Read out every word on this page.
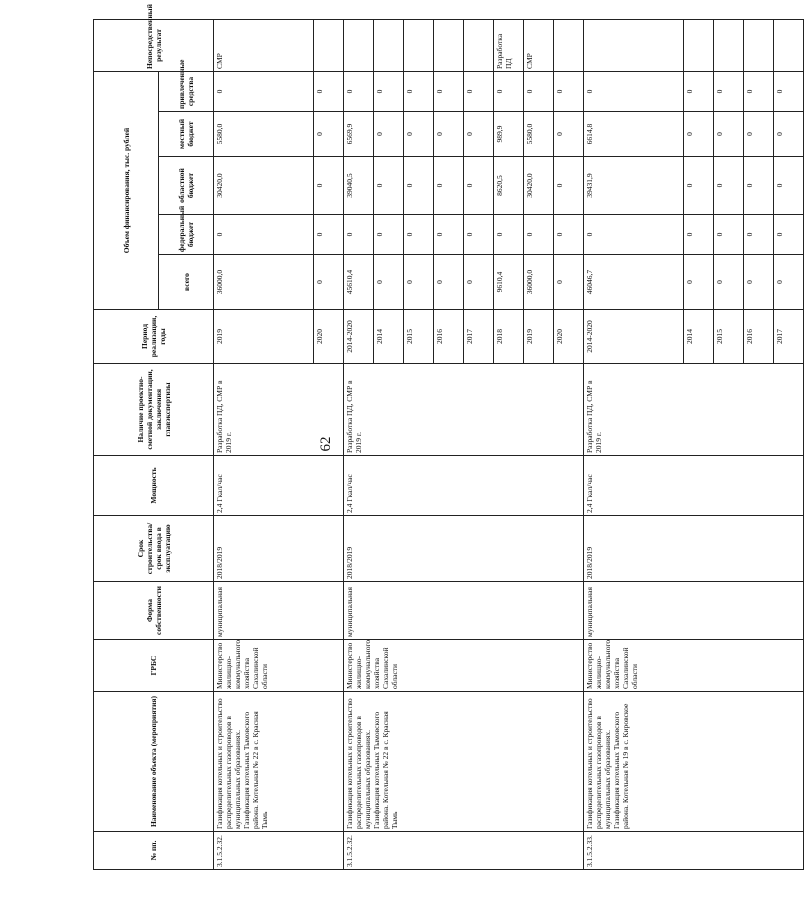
62
№ пп.	Наименование объекта (мероприятия)	ГРБС	Форма собственности	Срок строительства/срок ввода в эксплуатацию	Мощность	Наличие проектно-сметной документации, заключения главэкспертизы	Период реализации, годы	Объем финансирования, тыс. рублей					Непосредственный результат
								всего	федеральный бюджет	областной бюджет	местный бюджет	привлеченные средства	
3.1.5.2.32.	Газификация котельных и строительство распределительных газопроводов в муниципальных образованиях. Газификация котельных Тымовского района. Котельная № 22 в с. Красная Тымь	Министерство жилищно-коммунального хозяйства Сахалинской области	муниципальная	2018/2019	2,4 Гкал/час	Разработка ПД, СМР в 2019 г.	2019	36000,0	0	30420,0	5580,0	0	СМР
							2020	0	0	0	0	0	
3.1.5.2.32.	Газификация котельных и строительство распределительных газопроводов в муниципальных образованиях. Газификация котельных Тымовского района. Котельная № 22 в с. Красная Тымь	Министерство жилищно-коммунального хозяйства Сахалинской области	муниципальная	2018/2019	2,4 Гкал/час	Разработка ПД, СМР в 2019 г.	2014-2020	45610,4	0	39040,5	6569,9	0	
							2014	0	0	0	0	0	
							2015	0	0	0	0	0	
							2016	0	0	0	0	0	
							2017	0	0	0	0	0	
							2018	9610,4	0	8620,5	989,9	0	Разработка ПД
							2019	36000,0	0	30420,0	5580,0	0	СМР
							2020	0	0	0	0	0	
3.1.5.2.33.	Газификация котельных и строительство распределительных газопроводов в муниципальных образованиях. Газификация котельных Тымовского района. Котельная № 19 в с. Кировское	Министерство жилищно-коммунального хозяйства Сахалинской области	муниципальная	2018/2019	2,4 Гкал/час	Разработка ПД, СМР в 2019 г.	2014-2020	46046,7	0	39431,9	6614,8	0	
							2014	0	0	0	0	0	
							2015	0	0	0	0	0	
							2016	0	0	0	0	0	
							2017	0	0	0	0	0	
